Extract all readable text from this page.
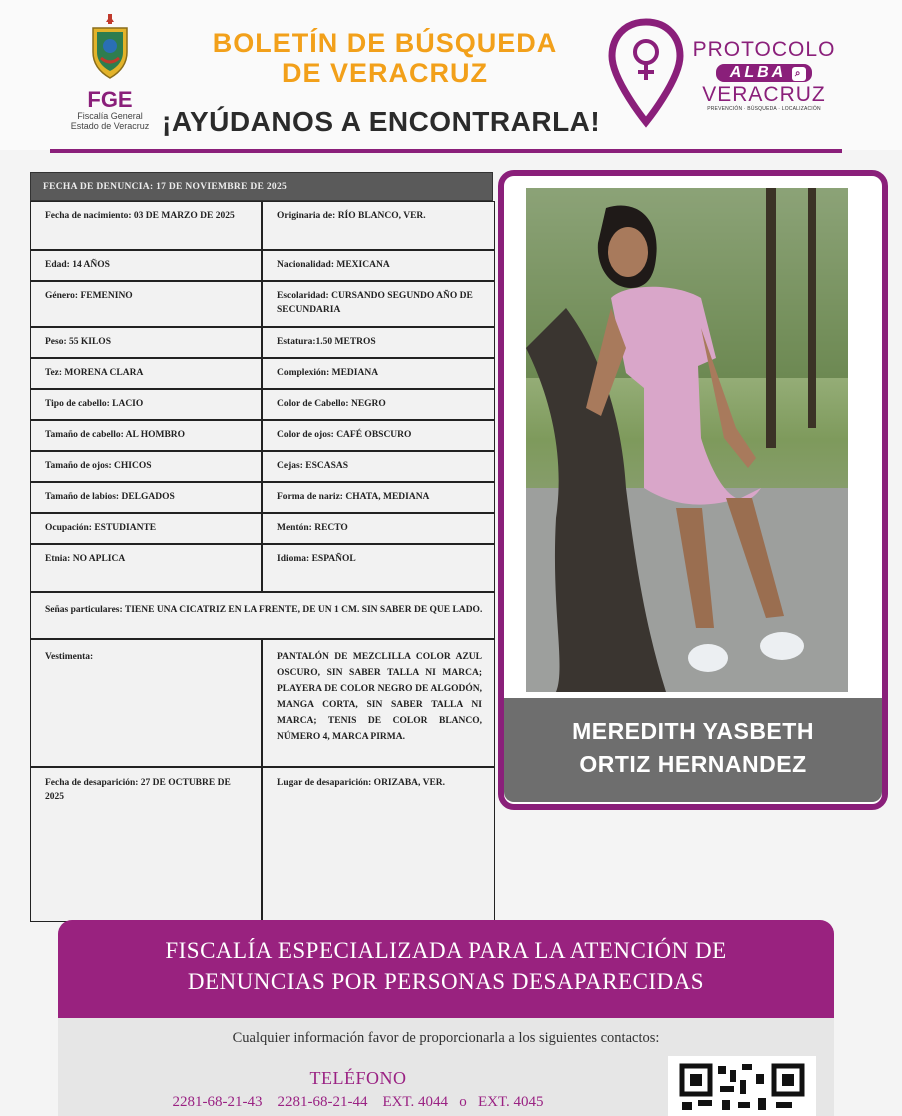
FGE
Fiscalía General
Estado de Veracruz
BOLETÍN DE BÚSQUEDA
DE VERACRUZ
¡AYÚDANOS A ENCONTRARLA!
PROTOCOLO
ALBA ⌕
VERACRUZ
PREVENCIÓN · BÚSQUEDA · LOCALIZACIÓN
FECHA DE DENUNCIA: 17 DE NOVIEMBRE DE 2025
Fecha de nacimiento: 03 DE MARZO DE 2025	Originaria de: RÍO BLANCO, VER.
Edad: 14 AÑOS	Nacionalidad: MEXICANA
Género: FEMENINO	Escolaridad: CURSANDO SEGUNDO AÑO DE SECUNDARIA
Peso: 55 KILOS	Estatura:1.50 METROS
Tez: MORENA CLARA	Complexión: MEDIANA
Tipo de cabello: LACIO	Color de Cabello: NEGRO
Tamaño de cabello: AL HOMBRO	Color de ojos: CAFÉ OBSCURO
Tamaño de ojos: CHICOS	Cejas: ESCASAS
Tamaño de labios: DELGADOS	Forma de nariz: CHATA, MEDIANA
Ocupación: ESTUDIANTE	Mentón: RECTO
Etnia: NO APLICA	Idioma: ESPAÑOL
Señas particulares: TIENE UNA CICATRIZ EN LA FRENTE, DE UN 1 CM. SIN SABER DE QUE LADO.
Vestimenta:	PANTALÓN DE MEZCLILLA COLOR AZUL OSCURO, SIN SABER TALLA NI MARCA; PLAYERA DE COLOR NEGRO DE ALGODÓN, MANGA CORTA, SIN SABER TALLA NI MARCA; TENIS DE COLOR BLANCO, NÚMERO 4, MARCA PIRMA.
Fecha de desaparición: 27 DE OCTUBRE DE 2025
Lugar de desaparición: ORIZABA, VER.
MEREDITH YASBETH
ORTIZ HERNANDEZ
FISCALÍA ESPECIALIZADA PARA LA ATENCIÓN DE
DENUNCIAS POR PERSONAS DESAPARECIDAS
Cualquier información favor de proporcionarla a los siguientes contactos:
TELÉFONO
2281-68-21-43    2281-68-21-44    EXT. 4044   o   EXT. 4045
